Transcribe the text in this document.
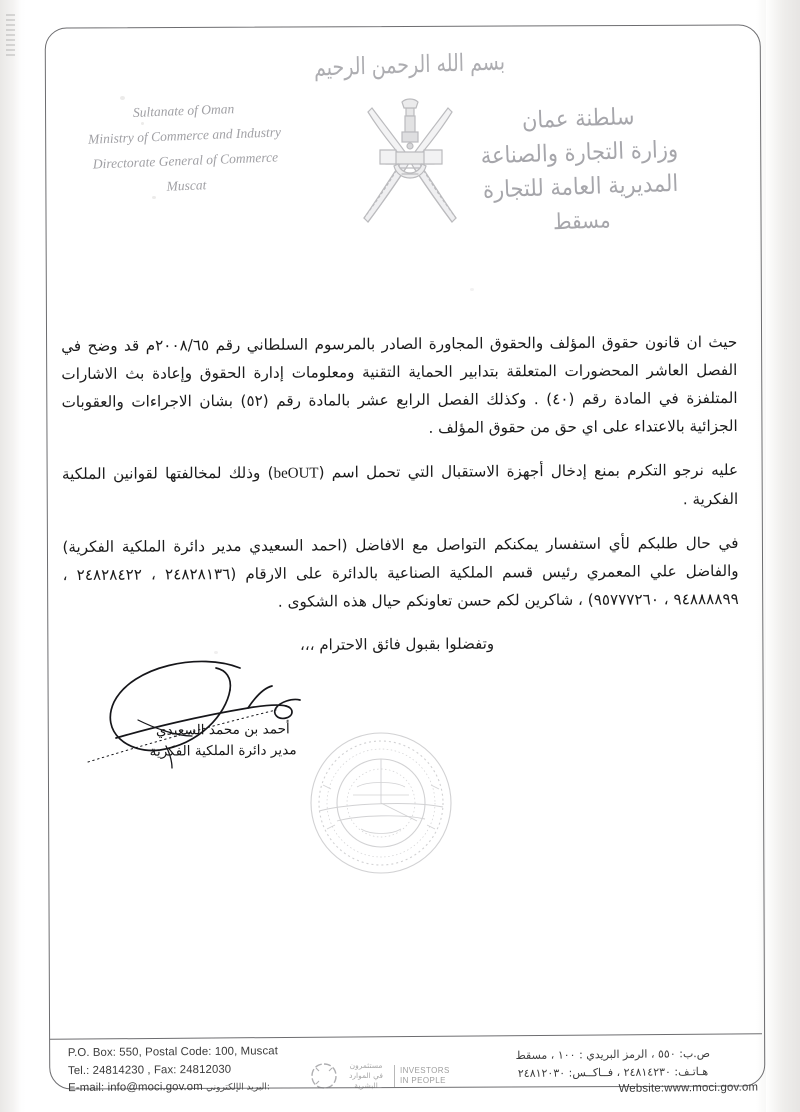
بسم الله الرحمن الرحيم
Sultanate of Oman
Ministry of Commerce and Industry
Directorate General of Commerce
Muscat
سلطنة عمان
وزارة التجارة والصناعة
المديرية العامة للتجارة
مسقط

حيث ان قانون حقوق المؤلف والحقوق المجاورة الصادر بالمرسوم السلطاني رقم ٢٠٠٨/٦٥م قد وضح في الفصل العاشر المحضورات المتعلقة بتدابير الحماية التقنية ومعلومات إدارة الحقوق وإعادة بث الاشارات المتلفزة في المادة رقم (٤٠) . وكذلك الفصل الرابع عشر بالمادة رقم (٥٢) بشان الاجراءات والعقوبات الجزائية بالاعتداء على اي حق من حقوق المؤلف .

عليه نرجو التكرم بمنع إدخال أجهزة الاستقبال التي تحمل اسم (beOUT) وذلك لمخالفتها لقوانين الملكية الفكرية .

في حال طلبكم لأي استفسار يمكنكم التواصل مع الافاضل (احمد السعيدي مدير دائرة الملكية الفكرية) والفاضل علي المعمري رئيس قسم الملكية الصناعية بالدائرة على الارقام (٢٤٨٢٨١٣٦ ، ٢٤٨٢٨٤٢٢ ، ٩٤٨٨٨٨٩٩ ، ٩٥٧٧٧٢٦٠) ، شاكرين لكم حسن تعاونكم حيال هذه الشكوى .

وتفضلوا بقبول فائق الاحترام ،،،
أحمد بن محمد السعيدي
مدير دائرة الملكية الفكرية
P.O. Box: 550, Postal Code: 100, Muscat
Tel.: 24814230 , Fax: 24812030
E-mail: info@moci.gov.om البريد الإلكتروني:
مستثمرون
في الموارد البشرية
INVESTORS
IN PEOPLE
ص.ب: ٥٥٠ ، الرمز البريدي : ١٠٠ ، مسقط
هـاتـف: ٢٤٨١٤٢٣٠ ، فــاكــس: ٢٤٨١٢٠٣٠
Website:www.moci.gov.om
